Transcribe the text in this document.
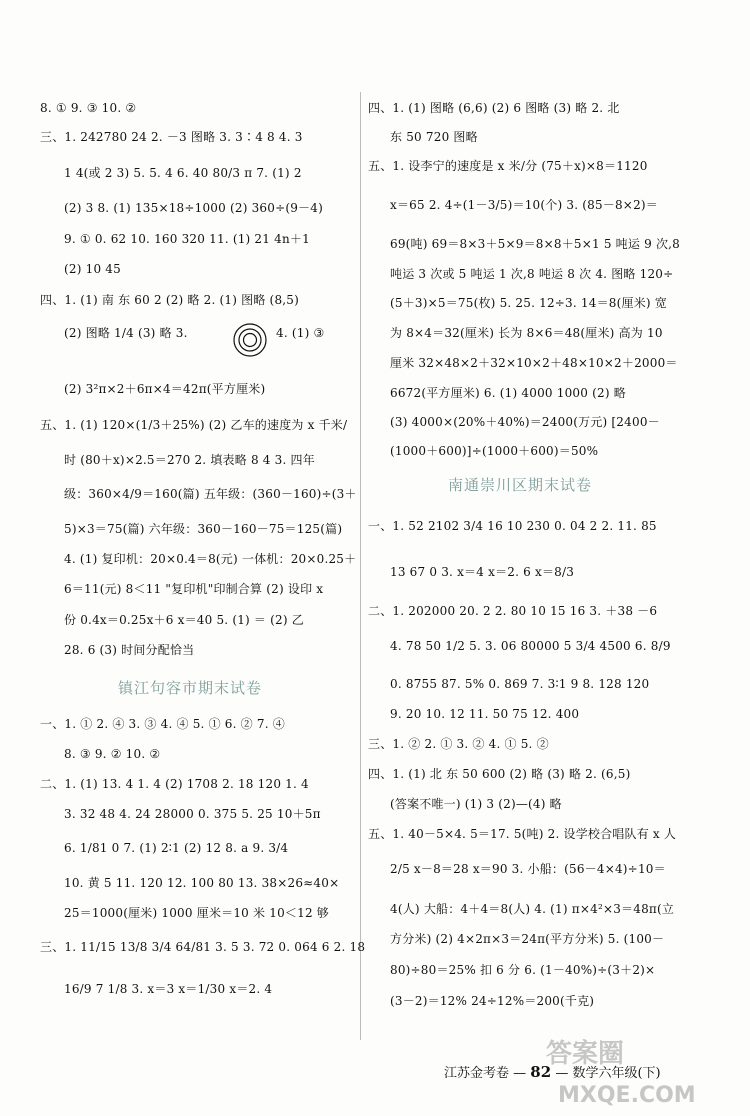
8. ① 9. ③ 10. ②
三、1. 242780 24 2. －3 图略 3. 3∶4 8 4. 3
1 4(或 2 3) 5. 5. 4 6. 40 80/3 π 7. (1) 2
(2) 3 8. (1) 135×18÷1000 (2) 360÷(9－4)
9. ① 0. 62 10. 160 320 11. (1) 21 4n＋1
(2) 10 45
四、1. (1) 南 东 60 2 (2) 略 2. (1) 图略 (8,5)
(2) 图略 1/4 (3) 略 3.	4. (1) ③
(2) 3²π×2＋6π×4＝42π(平方厘米)
五、1. (1) 120×(1/3＋25%) (2) 乙车的速度为 x 千米/
时 (80＋x)×2.5＝270 2. 填表略 8 4 3. 四年
级：360×4/9＝160(篇) 五年级：(360－160)÷(3＋
5)×3＝75(篇) 六年级：360－160－75＝125(篇)
4. (1) 复印机：20×0.4＝8(元) 一体机：20×0.25＋
6＝11(元) 8＜11 "复印机"印制合算 (2) 设印 x
份 0.4x＝0.25x＋6 x＝40 5. (1) ＝ (2) 乙
28. 6 (3) 时间分配恰当
镇江句容市期末试卷
一、1. ① 2. ④ 3. ③ 4. ④ 5. ① 6. ② 7. ④
8. ③ 9. ② 10. ②
二、1. (1) 13. 4 1. 4 (2) 1708 2. 18 120 1. 4
3. 32 48 4. 24 28000 0. 375 5. 25 10＋5π
6. 1/81 0 7. (1) 2∶1 (2) 12 8. a 9. 3/4
10. 黄 5 11. 120 12. 100 80 13. 38×26≈40×
25＝1000(厘米) 1000 厘米＝10 米 10＜12 够
三、1. 11/15 13/8 3/4 64/81 3. 5 3. 72 0. 064 6 2. 18
16/9 7 1/8 3. x＝3 x＝1/30 x＝2. 4
四、1. (1) 图略 (6,6) (2) 6 图略 (3) 略 2. 北
东 50 720 图略
五、1. 设李宁的速度是 x 米/分 (75＋x)×8＝1120
x＝65 2. 4÷(1－3/5)＝10(个) 3. (85－8×2)＝
69(吨) 69＝8×3＋5×9＝8×8＋5×1 5 吨运 9 次,8
吨运 3 次或 5 吨运 1 次,8 吨运 8 次 4. 图略 120÷
(5＋3)×5＝75(枚) 5. 25. 12÷3. 14＝8(厘米) 宽
为 8×4＝32(厘米) 长为 8×6＝48(厘米) 高为 10
厘米 32×48×2＋32×10×2＋48×10×2＋2000＝
6672(平方厘米) 6. (1) 4000 1000 (2) 略
(3) 4000×(20%＋40%)＝2400(万元) [2400－
(1000＋600)]÷(1000＋600)＝50%
南通崇川区期末试卷
一、1. 52 2102 3/4 16 10 230 0. 04 2 2. 11. 85
13 67 0 3. x＝4 x＝2. 6 x＝8/3
二、1. 202000 20. 2 2. 80 10 15 16 3. ＋38 －6
4. 78 50 1/2 5. 3. 06 80000 5 3/4 4500 6. 8/9
0. 8755 87. 5% 0. 869 7. 3∶1 9 8. 128 120
9. 20 10. 12 11. 50 75 12. 400
三、1. ② 2. ① 3. ② 4. ① 5. ②
四、1. (1) 北 东 50 600 (2) 略 (3) 略 2. (6,5)
(答案不唯一) (1) 3 (2)—(4) 略
五、1. 40－5×4. 5＝17. 5(吨) 2. 设学校合唱队有 x 人
2/5 x－8＝28 x＝90 3. 小船：(56－4×4)÷10＝
4(人) 大船：4＋4＝8(人) 4. (1) π×4²×3＝48π(立
方分米) (2) 4×2π×3＝24π(平方分米) 5. (100－
80)÷80＝25% 扣 6 分 6. (1－40%)÷(3＋2)×
(3－2)＝12% 24÷12%＝200(千克)
江苏金考卷 — 82 — 数学六年级(下)
答案圈
MXQE.COM
